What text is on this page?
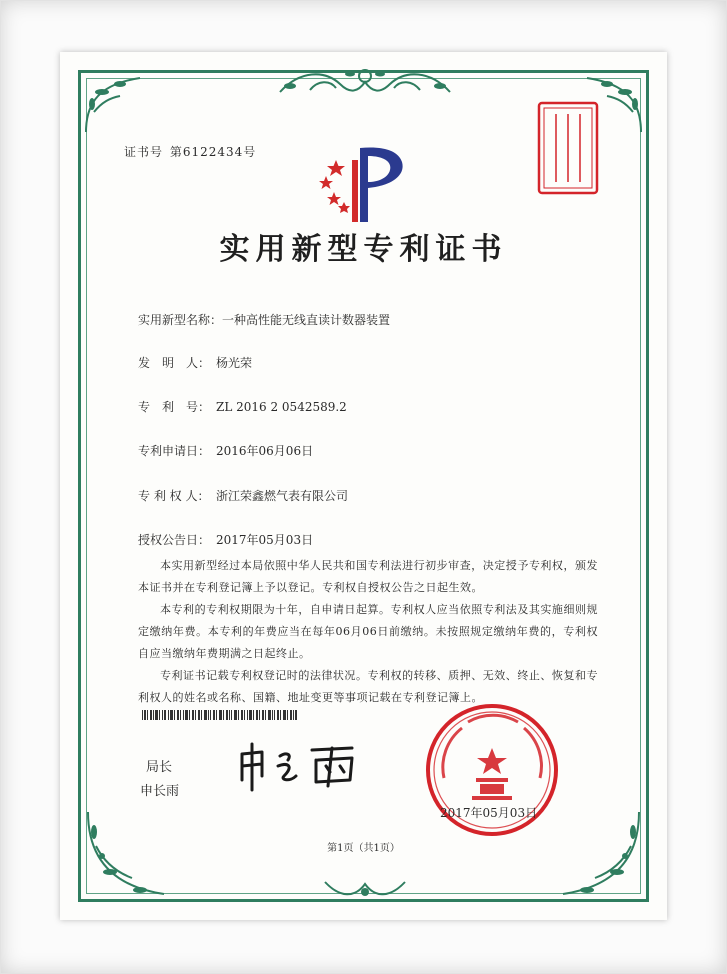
证书号 第6122434号
实用新型专利证书
实用新型名称：一种高性能无线直读计数器装置
发　明　人： 杨光荣
专　利　号： ZL 2016 2 0542589.2
专利申请日： 2016年06月06日
专 利 权 人： 浙江荣鑫燃气表有限公司
授权公告日： 2017年05月03日

本实用新型经过本局依照中华人民共和国专利法进行初步审查，决定授予专利权，颁发本证书并在专利登记簿上予以登记。专利权自授权公告之日起生效。

本专利的专利权期限为十年，自申请日起算。专利权人应当依照专利法及其实施细则规定缴纳年费。本专利的年费应当在每年06月06日前缴纳。未按照规定缴纳年费的，专利权自应当缴纳年费期满之日起终止。

专利证书记载专利权登记时的法律状况。专利权的转移、质押、无效、终止、恢复和专利权人的姓名或名称、国籍、地址变更等事项记载在专利登记簿上。

局长
申长雨
2017年05月03日
第1页（共1页）
